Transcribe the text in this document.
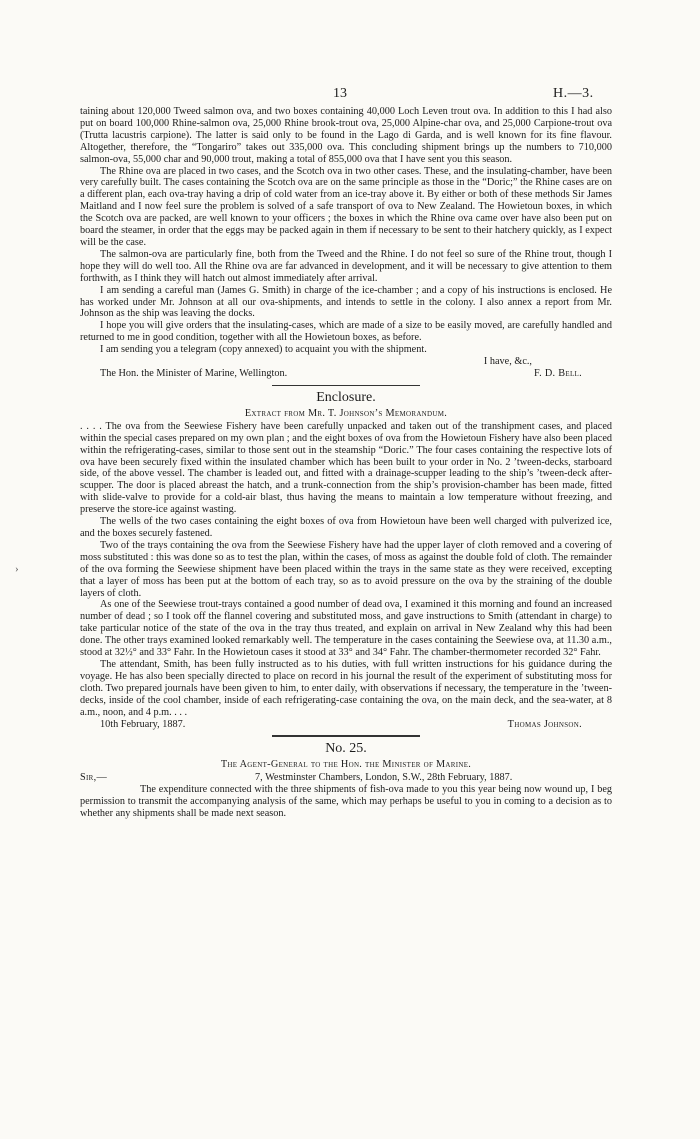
13	H.—3.
›

taining about 120,000 Tweed salmon ova, and two boxes containing 40,000 Loch Leven trout ova. In addition to this I had also put on board 100,000 Rhine-salmon ova, 25,000 Rhine brook-trout ova, 25,000 Alpine-char ova, and 25,000 Carpione-trout ova (Trutta lacustris carpione). The latter is said only to be found in the Lago di Garda, and is well known for its fine flavour. Altogether, therefore, the “Tongariro” takes out 335,000 ova. This concluding shipment brings up the numbers to 710,000 salmon-ova, 55,000 char and 90,000 trout, making a total of 855,000 ova that I have sent you this season.

The Rhine ova are placed in two cases, and the Scotch ova in two other cases. These, and the insulating-chamber, have been very carefully built. The cases containing the Scotch ova are on the same principle as those in the “Doric;” the Rhine cases are on a different plan, each ova-tray having a drip of cold water from an ice-tray above it. By either or both of these methods Sir James Maitland and I now feel sure the problem is solved of a safe transport of ova to New Zealand. The Howietoun boxes, in which the Scotch ova are packed, are well known to your officers ; the boxes in which the Rhine ova came over have also been put on board the steamer, in order that the eggs may be packed again in them if necessary to be sent to their hatchery quickly, as I expect will be the case.

The salmon-ova are particularly fine, both from the Tweed and the Rhine. I do not feel so sure of the Rhine trout, though I hope they will do well too. All the Rhine ova are far advanced in development, and it will be necessary to give attention to them forthwith, as I think they will hatch out almost immediately after arrival.

I am sending a careful man (James G. Smith) in charge of the ice-chamber ; and a copy of his instructions is enclosed. He has worked under Mr. Johnson at all our ova-shipments, and intends to settle in the colony. I also annex a report from Mr. Johnson as the ship was leaving the docks.

I hope you will give orders that the insulating-cases, which are made of a size to be easily moved, are carefully handled and returned to me in good condition, together with all the Howietoun boxes, as before.

I am sending you a telegram (copy annexed) to acquaint you with the shipment.

I have, &c.,
The Hon. the Minister of Marine, Wellington.	F. D. Bell.
Enclosure.
Extract from Mr. T. Johnson’s Memorandum.

. . . . The ova from the Seewiese Fishery have been carefully unpacked and taken out of the transhipment cases, and placed within the special cases prepared on my own plan ; and the eight boxes of ova from the Howietoun Fishery have also been placed within the refrigerating-cases, similar to those sent out in the steamship “Doric.” The four cases containing the respective lots of ova have been securely fixed within the insulated chamber which has been built to your order in No. 2 ’tween-decks, starboard side, of the above vessel. The chamber is leaded out, and fitted with a drainage-scupper leading to the ship’s ’tween-deck after-scupper. The door is placed abreast the hatch, and a trunk-connection from the ship’s provision-chamber has been made, fitted with slide-valve to provide for a cold-air blast, thus having the means to maintain a low temperature without freezing, and preserve the store-ice against wasting.

The wells of the two cases containing the eight boxes of ova from Howietoun have been well charged with pulverized ice, and the boxes securely fastened.

Two of the trays containing the ova from the Seewiese Fishery have had the upper layer of cloth removed and a covering of moss substituted : this was done so as to test the plan, within the cases, of moss as against the double fold of cloth. The remainder of the ova forming the Seewiese shipment have been placed within the trays in the same state as they were received, excepting that a layer of moss has been put at the bottom of each tray, so as to avoid pressure on the ova by the straining of the double layers of cloth.

As one of the Seewiese trout-trays contained a good number of dead ova, I examined it this morning and found an increased number of dead ; so I took off the flannel covering and substituted moss, and gave instructions to Smith (attendant in charge) to take particular notice of the state of the ova in the tray thus treated, and explain on arrival in New Zealand why this had been done. The other trays examined looked remarkably well. The temperature in the cases containing the Seewiese ova, at 11.30 a.m., stood at 32½° and 33° Fahr. In the Howietoun cases it stood at 33° and 34° Fahr. The chamber-thermometer recorded 32° Fahr.

The attendant, Smith, has been fully instructed as to his duties, with full written instructions for his guidance during the voyage. He has also been specially directed to place on record in his journal the result of the experiment of substituting moss for cloth. Two prepared journals have been given to him, to enter daily, with observations if necessary, the temperature in the ’tween-decks, inside of the cool chamber, inside of each refrigerating-case containing the ova, on the main deck, and the sea-water, at 8 a.m., noon, and 4 p.m. . . .

10th February, 1887.	Thomas Johnson.
No. 25.
The Agent-General to the Hon. the Minister of Marine.
Sir,—	7, Westminster Chambers, London, S.W., 28th February, 1887.

The expenditure connected with the three shipments of fish-ova made to you this year being now wound up, I beg permission to transmit the accompanying analysis of the same, which may perhaps be useful to you in coming to a decision as to whether any shipments shall be made next season.
